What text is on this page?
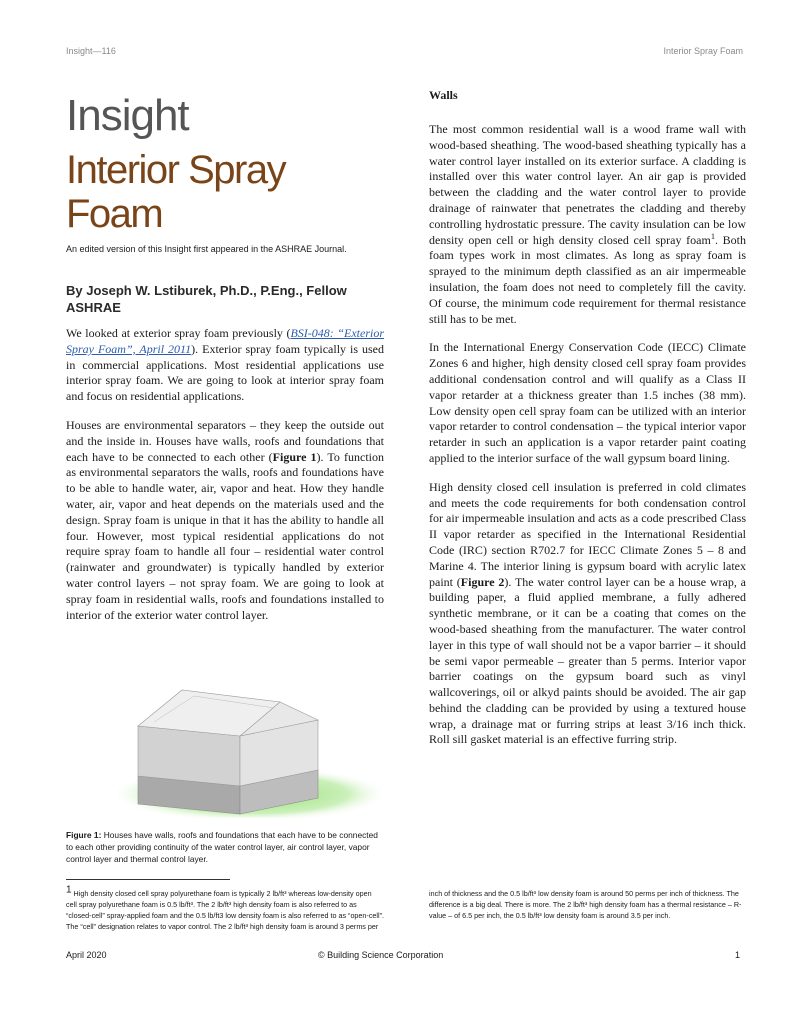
Insight—116	Interior Spray Foam
Insight
Interior Spray Foam
An edited version of this Insight first appeared in the ASHRAE Journal.
By Joseph W. Lstiburek, Ph.D., P.Eng., Fellow ASHRAE

We looked at exterior spray foam previously (BSI-048: “Exterior Spray Foam”, April 2011). Exterior spray foam typically is used in commercial applications. Most residential applications use interior spray foam. We are going to look at interior spray foam and focus on residential applications.

Houses are environmental separators – they keep the outside out and the inside in. Houses have walls, roofs and foundations that each have to be connected to each other (Figure 1). To function as environmental separators the walls, roofs and foundations have to be able to handle water, air, vapor and heat. How they handle water, air, vapor and heat depends on the materials used and the design. Spray foam is unique in that it has the ability to handle all four. However, most typical residential applications do not require spray foam to handle all four – residential water control (rainwater and groundwater) is typically handled by exterior water control layers – not spray foam. We are going to look at spray foam in residential walls, roofs and foundations installed to interior of the exterior water control layer.

Figure 1: Houses have walls, roofs and foundations that each have to be connected to each other providing continuity of the water control layer, air control layer, vapor control layer and thermal control layer.
Walls

The most common residential wall is a wood frame wall with wood-based sheathing. The wood-based sheathing typically has a water control layer installed on its exterior surface. A cladding is installed over this water control layer. An air gap is provided between the cladding and the water control layer to provide drainage of rainwater that penetrates the cladding and thereby controlling hydrostatic pressure. The cavity insulation can be low density open cell or high density closed cell spray foam$^1$. Both foam types work in most climates. As long as spray foam is sprayed to the minimum depth classified as an air impermeable insulation, the foam does not need to completely fill the cavity. Of course, the minimum code requirement for thermal resistance still has to be met.

In the International Energy Conservation Code (IECC) Climate Zones 6 and higher, high density closed cell spray foam provides additional condensation control and will qualify as a Class II vapor retarder at a thickness greater than 1.5 inches (38 mm). Low density open cell spray foam can be utilized with an interior vapor retarder to control condensation – the typical interior vapor retarder in such an application is a vapor retarder paint coating applied to the interior surface of the wall gypsum board lining.

High density closed cell insulation is preferred in cold climates and meets the code requirements for both condensation control for air impermeable insulation and acts as a code prescribed Class II vapor retarder as specified in the International Residential Code (IRC) section R702.7 for IECC Climate Zones 5 – 8 and Marine 4. The interior lining is gypsum board with acrylic latex paint (Figure 2). The water control layer can be a house wrap, a building paper, a fluid applied membrane, a fully adhered synthetic membrane, or it can be a coating that comes on the wood-based sheathing from the manufacturer. The water control layer in this type of wall should not be a vapor barrier – it should be semi vapor permeable – greater than 5 perms. Interior vapor barrier coatings on the gypsum board such as vinyl wallcoverings, oil or alkyd paints should be avoided. The air gap behind the cladding can be provided by using a textured house wrap, a drainage mat or furring strips at least 3/16 inch thick. Roll sill gasket material is an effective furring strip.

$^1$ High density closed cell spray polyurethane foam is typically 2 lb/ft³ whereas low-density open cell spray polyurethane foam is 0.5 lb/ft³. The 2 lb/ft³ high density foam is also referred to as “closed-cell” spray-applied foam and the 0.5 lb/ft3 low density foam is also referred to as “open-cell”. The “cell” designation relates to vapor control. The 2 lb/ft³ high density foam is around 3 perms per
inch of thickness and the 0.5 lb/ft³ low density foam is around 50 perms per inch of thickness. The difference is a big deal. There is more. The 2 lb/ft³ high density foam has a thermal resistance – R-value – of 6.5 per inch, the 0.5 lb/ft³ low density foam is around 3.5 per inch.
April 2020	© Building Science Corporation	1
